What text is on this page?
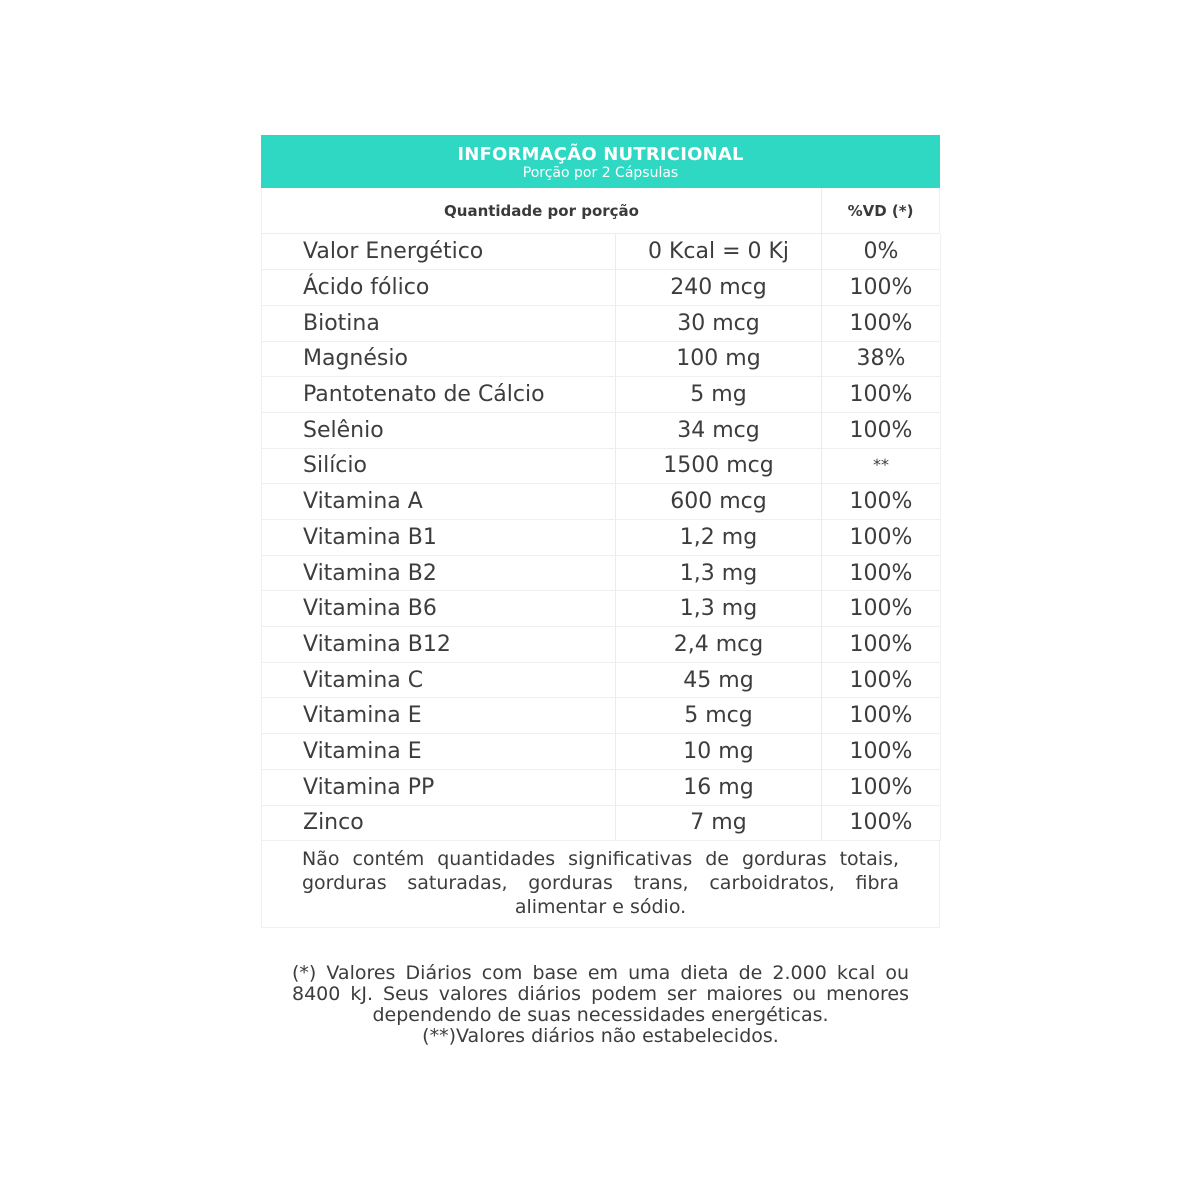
INFORMAÇÃO NUTRICIONAL
Porção por 2 Cápsulas
Quantidade por porção	%VD (*)
Valor Energético	0 Kcal = 0 Kj	0%
Ácido fólico	240 mcg	100%
Biotina	30 mcg	100%
Magnésio	100 mg	38%
Pantotenato de Cálcio	5 mg	100%
Selênio	34 mcg	100%
Silício	1500 mcg	**
Vitamina A	600 mcg	100%
Vitamina B1	1,2 mg	100%
Vitamina B2	1,3 mg	100%
Vitamina B6	1,3 mg	100%
Vitamina B12	2,4 mcg	100%
Vitamina C	45 mg	100%
Vitamina E	5 mcg	100%
Vitamina E	10 mg	100%
Vitamina PP	16 mg	100%
Zinco	7 mg	100%
Não contém quantidades significativas de gorduras totais, gorduras saturadas, gorduras trans, carboidratos, fibra alimentar e sódio.
(*) Valores Diários com base em uma dieta de 2.000 kcal ou 8400 kJ. Seus valores diários podem ser maiores ou menores dependendo de suas necessidades energéticas.
(**)Valores diários não estabelecidos.
